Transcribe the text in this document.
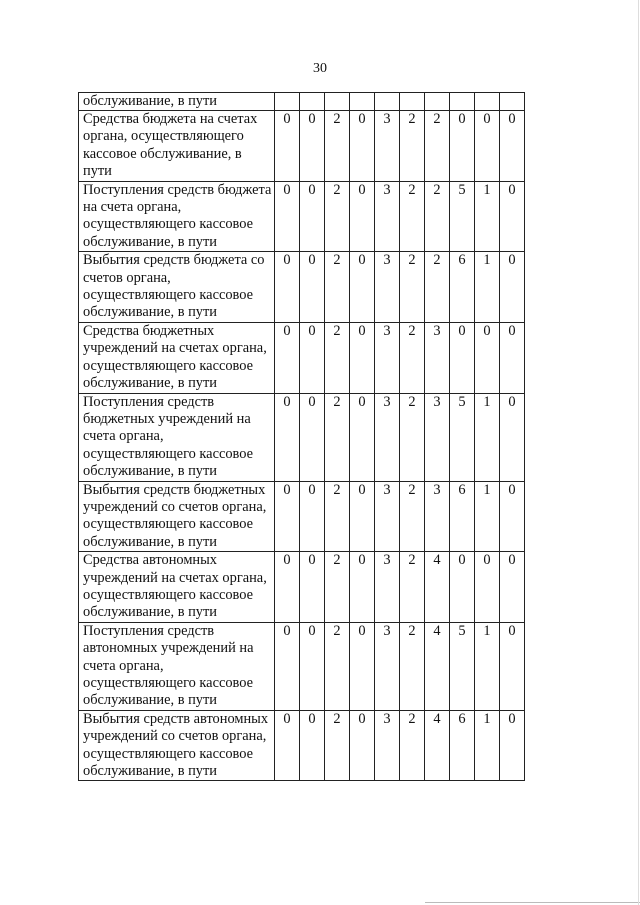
30
обслуживание, в пути										
Средства бюджета на счетах органа, осуществляющего кассовое обслуживание, в пути	0	0	2	0	3	2	2	0	0	0
Поступления средств бюджета на счета органа, осуществляющего кассовое обслуживание, в пути	0	0	2	0	3	2	2	5	1	0
Выбытия средств бюджета со счетов органа, осуществляющего кассовое обслуживание, в пути	0	0	2	0	3	2	2	6	1	0
Средства бюджетных учреждений на счетах органа, осуществляющего кассовое обслуживание, в пути	0	0	2	0	3	2	3	0	0	0
Поступления средств бюджетных учреждений на счета органа, осуществляющего кассовое обслуживание, в пути	0	0	2	0	3	2	3	5	1	0
Выбытия средств бюджетных учреждений со счетов органа, осуществляющего кассовое обслуживание, в пути	0	0	2	0	3	2	3	6	1	0
Средства автономных учреждений на счетах органа, осуществляющего кассовое обслуживание, в пути	0	0	2	0	3	2	4	0	0	0
Поступления средств автономных учреждений на счета органа, осуществляющего кассовое обслуживание, в пути	0	0	2	0	3	2	4	5	1	0
Выбытия средств автономных учреждений со счетов органа, осуществляющего кассовое обслуживание, в пути	0	0	2	0	3	2	4	6	1	0
